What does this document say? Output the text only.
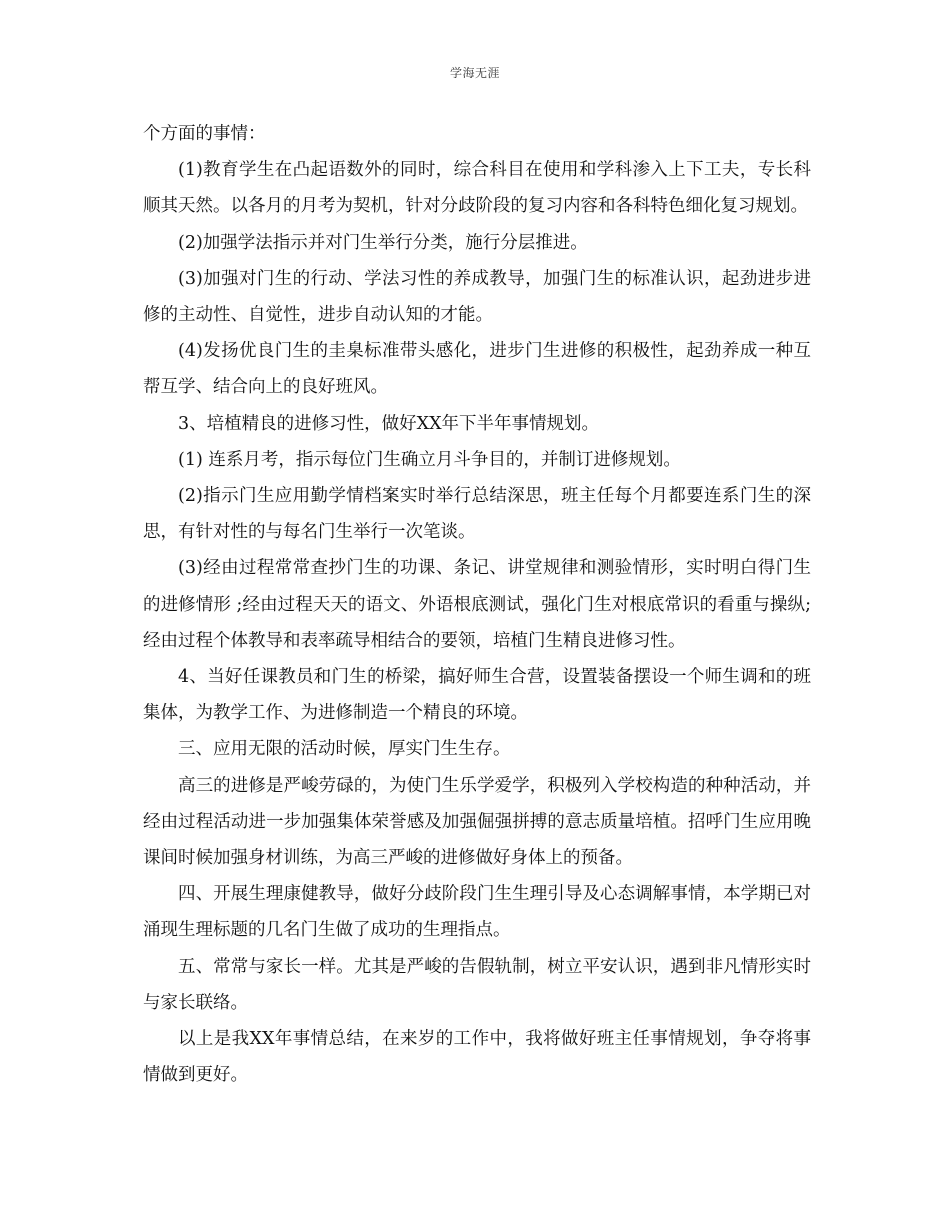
学海无涯

个方面的事情：

(1)教育学生在凸起语数外的同时，综合科目在使用和学科渗入上下工夫，专长科顺其天然。以各月的月考为契机，针对分歧阶段的复习内容和各科特色细化复习规划。

(2)加强学法指示并对门生举行分类，施行分层推进。

(3)加强对门生的行动、学法习性的养成教导，加强门生的标准认识，起劲进步进修的主动性、自觉性，进步自动认知的才能。

(4)发扬优良门生的圭臬标准带头感化，进步门生进修的积极性，起劲养成一种互帮互学、结合向上的良好班风。

3、培植精良的进修习性，做好XX年下半年事情规划。

(1) 连系月考，指示每位门生确立月斗争目的，并制订进修规划。

(2)指示门生应用勤学情档案实时举行总结深思，班主任每个月都要连系门生的深思，有针对性的与每名门生举行一次笔谈。

(3)经由过程常常查抄门生的功课、条记、讲堂规律和测验情形，实时明白得门生的进修情形 ;经由过程天天的语文、外语根底测试，强化门生对根底常识的看重与操纵;经由过程个体教导和表率疏导相结合的要领，培植门生精良进修习性。

4、当好任课教员和门生的桥梁，搞好师生合营，设置装备摆设一个师生调和的班集体，为教学工作、为进修制造一个精良的环境。

三、应用无限的活动时候，厚实门生生存。

高三的进修是严峻劳碌的，为使门生乐学爱学，积极列入学校构造的种种活动，并经由过程活动进一步加强集体荣誉感及加强倔强拼搏的意志质量培植。招呼门生应用晚课间时候加强身材训练，为高三严峻的进修做好身体上的预备。

四、开展生理康健教导，做好分歧阶段门生生理引导及心态调解事情，本学期已对涌现生理标题的几名门生做了成功的生理指点。

五、常常与家长一样。尤其是严峻的告假轨制，树立平安认识，遇到非凡情形实时与家长联络。

以上是我XX年事情总结，在来岁的工作中，我将做好班主任事情规划，争夺将事情做到更好。
